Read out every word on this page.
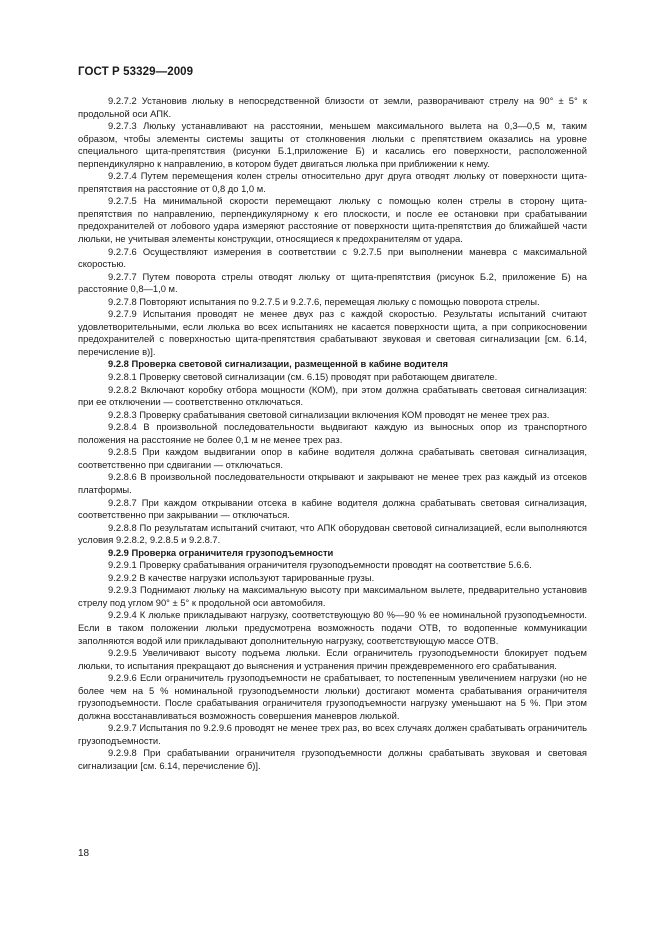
ГОСТ Р 53329—2009

9.2.7.2 Установив люльку в непосредственной близости от земли, разворачивают стрелу на 90° ± 5° к продольной оси АПК.

9.2.7.3 Люльку устанавливают на расстоянии, меньшем максимального вылета на 0,3—0,5 м, таким образом, чтобы элементы системы защиты от столкновения люльки с препятствием оказались на уровне специального щита-препятствия (рисунки Б.1,приложение Б) и касались его поверхности, расположенной перпендикулярно к направлению, в котором будет двигаться люлька при приближении к нему.

9.2.7.4 Путем перемещения колен стрелы относительно друг друга отводят люльку от поверхности щита-препятствия на расстояние от 0,8 до 1,0 м.

9.2.7.5 На минимальной скорости перемещают люльку с помощью колен стрелы в сторону щита-препятствия по направлению, перпендикулярному к его плоскости, и после ее остановки при срабатывании предохранителей от лобового удара измеряют расстояние от поверхности щита-препятствия до ближайшей части люльки, не учитывая элементы конструкции, относящиеся к предохранителям от удара.

9.2.7.6 Осуществляют измерения в соответствии с 9.2.7.5 при выполнении маневра с максимальной скоростью.

9.2.7.7 Путем поворота стрелы отводят люльку от щита-препятствия (рисунок Б.2, приложение Б) на расстояние 0,8—1,0 м.

9.2.7.8 Повторяют испытания по 9.2.7.5 и 9.2.7.6, перемещая люльку с помощью поворота стрелы.

9.2.7.9 Испытания проводят не менее двух раз с каждой скоростью. Результаты испытаний считают удовлетворительными, если люлька во всех испытаниях не касается поверхности щита, а при соприкосновении предохранителей с поверхностью щита-препятствия срабатывают звуковая и световая сигнализации [см. 6.14, перечисление в)].

9.2.8 Проверка световой сигнализации, размещенной в кабине водителя

9.2.8.1 Проверку световой сигнализации (см. 6.15) проводят при работающем двигателе.

9.2.8.2 Включают коробку отбора мощности (КОМ), при этом должна срабатывать световая сигнализация: при ее отключении — соответственно отключаться.

9.2.8.3 Проверку срабатывания световой сигнализации включения КОМ проводят не менее трех раз.

9.2.8.4 В произвольной последовательности выдвигают каждую из выносных опор из транспортного положения на расстояние не более 0,1 м не менее трех раз.

9.2.8.5 При каждом выдвигании опор в кабине водителя должна срабатывать световая сигнализация, соответственно при сдвигании — отключаться.

9.2.8.6 В произвольной последовательности открывают и закрывают не менее трех раз каждый из отсеков платформы.

9.2.8.7 При каждом открывании отсека в кабине водителя должна срабатывать световая сигнализация, соответственно при закрывании — отключаться.

9.2.8.8 По результатам испытаний считают, что АПК оборудован световой сигнализацией, если выполняются условия 9.2.8.2, 9.2.8.5 и 9.2.8.7.

9.2.9 Проверка ограничителя грузоподъемности

9.2.9.1 Проверку срабатывания ограничителя грузоподъемности проводят на соответствие 5.6.6.

9.2.9.2 В качестве нагрузки используют тарированные грузы.

9.2.9.3 Поднимают люльку на максимальную высоту при максимальном вылете, предварительно установив стрелу под углом 90° ± 5° к продольной оси автомобиля.

9.2.9.4 К люльке прикладывают нагрузку, соответствующую 80 %—90 % ее номинальной грузоподъемности. Если в таком положении люльки предусмотрена возможность подачи ОТВ, то водопенные коммуникации заполняются водой или прикладывают дополнительную нагрузку, соответствующую массе ОТВ.

9.2.9.5 Увеличивают высоту подъема люльки. Если ограничитель грузоподъемности блокирует подъем люльки, то испытания прекращают до выяснения и устранения причин преждевременного его срабатывания.

9.2.9.6 Если ограничитель грузоподъемности не срабатывает, то постепенным увеличением нагрузки (но не более чем на 5 % номинальной грузоподъемности люльки) достигают момента срабатывания ограничителя грузоподъемности. После срабатывания ограничителя грузоподъемности нагрузку уменьшают на 5 %. При этом должна восстанавливаться возможность совершения маневров люлькой.

9.2.9.7 Испытания по 9.2.9.6 проводят не менее трех раз, во всех случаях должен срабатывать ограничитель грузоподъемности.

9.2.9.8 При срабатывании ограничителя грузоподъемности должны срабатывать звуковая и световая сигнализации [см. 6.14, перечисление б)].

18
